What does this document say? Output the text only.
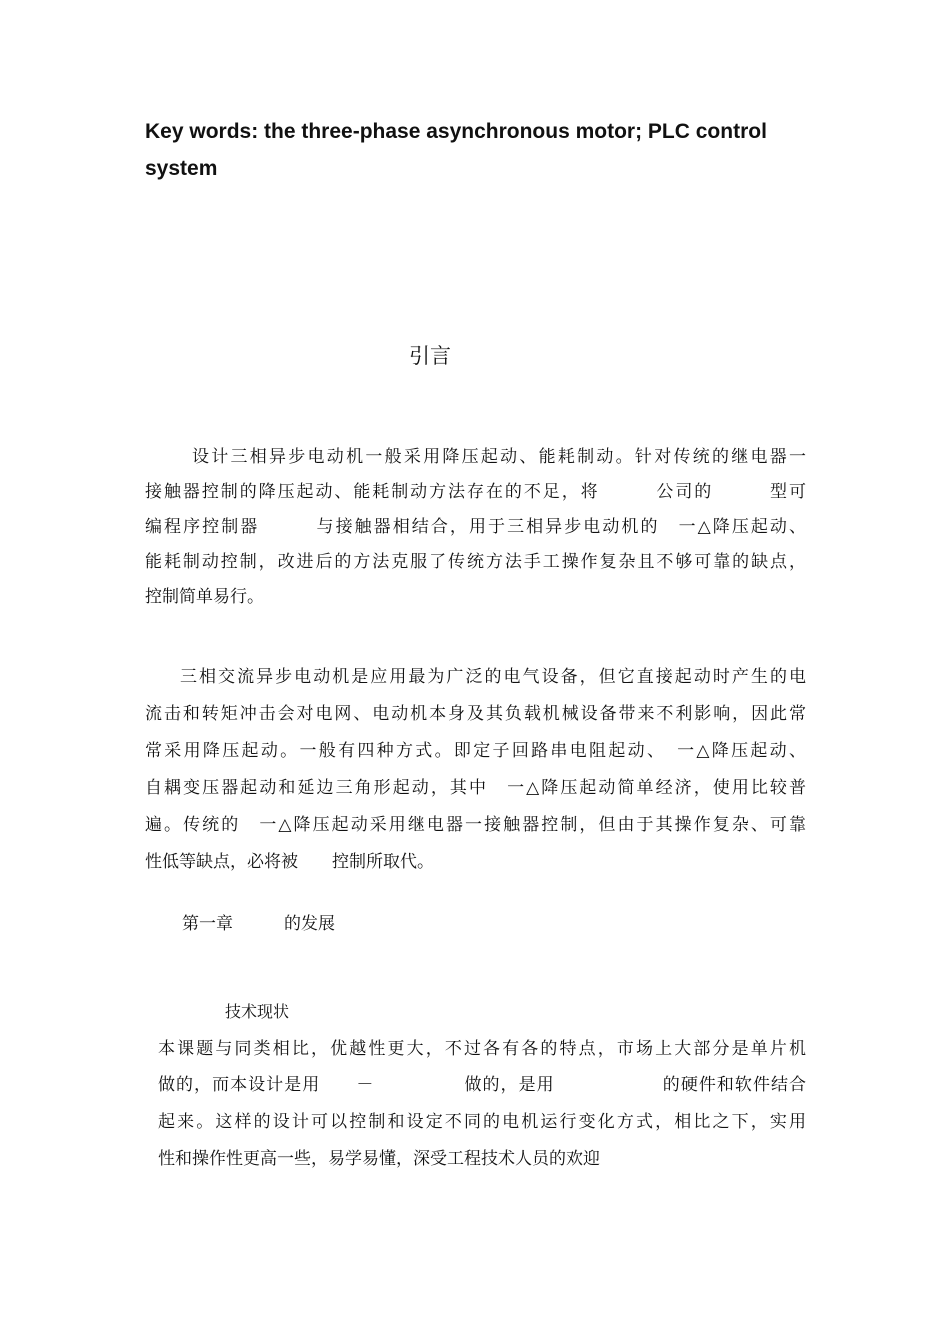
Key words: the three-phase asynchronous motor; PLC control
system
引言
设计三相异步电动机一般采用降压起动、能耗制动。针对传统的继电器一
接触器控制的降压起动、能耗制动方法存在的不足，将　　　公司的　　　型可
编程序控制器　　　与接触器相结合，用于三相异步电动机的　一△降压起动、
能耗制动控制，改进后的方法克服了传统方法手工操作复杂且不够可靠的缺点，
控制简单易行。
三相交流异步电动机是应用最为广泛的电气设备，但它直接起动时产生的电
流击和转矩冲击会对电网、电动机本身及其负载机械设备带来不利影响，因此常
常采用降压起动。一般有四种方式。即定子回路串电阻起动、　一△降压起动、
自耦变压器起动和延边三角形起动，其中　一△降压起动简单经济，使用比较普
遍。传统的　一△降压起动采用继电器一接触器控制，但由于其操作复杂、可靠
性低等缺点，必将被　　控制所取代。
第一章　　　的发展
技术现状
本课题与同类相比，优越性更大，不过各有各的特点，市场上大部分是单片机
做的，而本设计是用　　－　　　　　做的，是用　　　　　　的硬件和软件结合
起来。这样的设计可以控制和设定不同的电机运行变化方式，相比之下，实用
性和操作性更高一些，易学易懂，深受工程技术人员的欢迎
